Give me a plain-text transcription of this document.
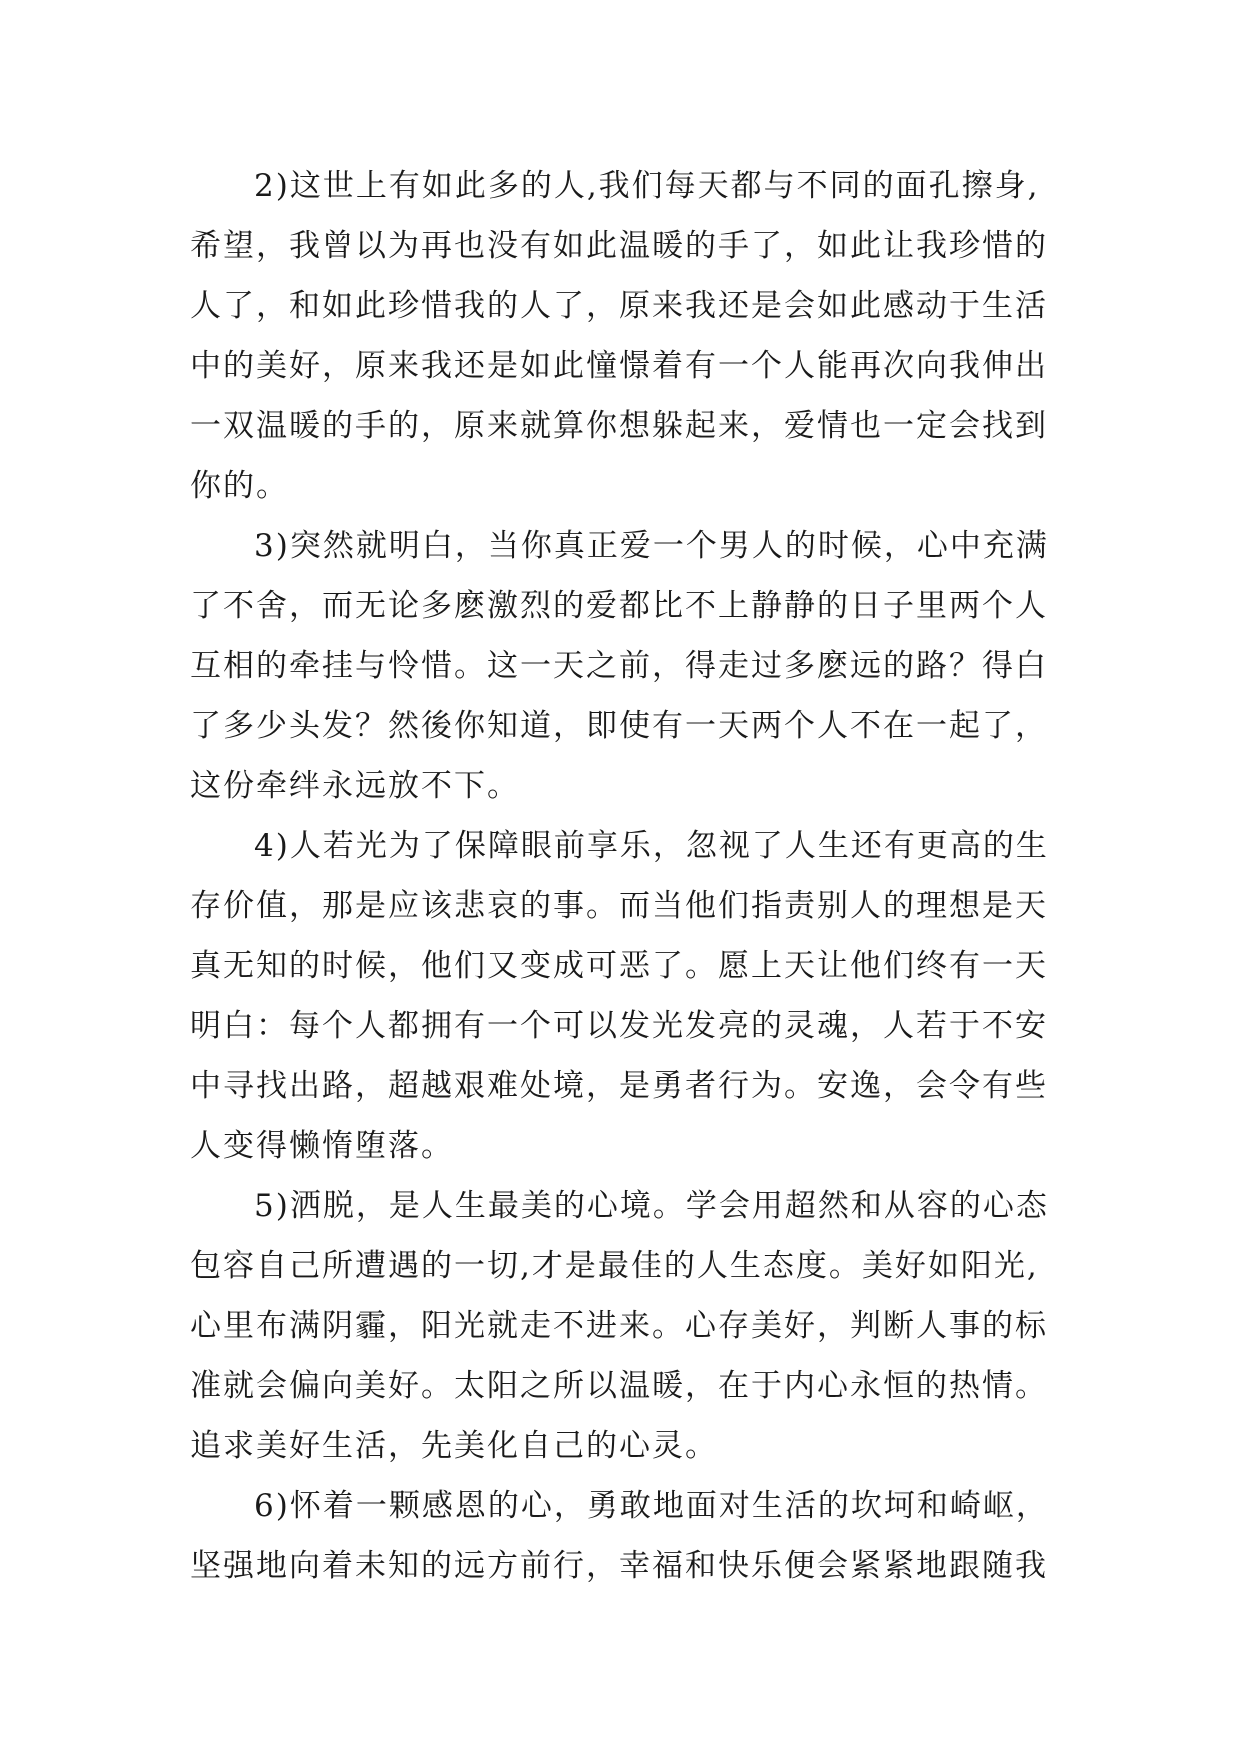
2)这世上有如此多的人,我们每天都与不同的面孔擦身,
希望，我曾以为再也没有如此温暖的手了，如此让我珍惜的
人了，和如此珍惜我的人了，原来我还是会如此感动于生活
中的美好，原来我还是如此憧憬着有一个人能再次向我伸出
一双温暖的手的，原来就算你想躲起来，爱情也一定会找到
你的。

3)突然就明白，当你真正爱一个男人的时候，心中充满
了不舍，而无论多麽激烈的爱都比不上静静的日子里两个人
互相的牵挂与怜惜。这一天之前，得走过多麽远的路？得白
了多少头发？然後你知道，即使有一天两个人不在一起了，
这份牵绊永远放不下。

4)人若光为了保障眼前享乐，忽视了人生还有更高的生
存价值，那是应该悲哀的事。而当他们指责别人的理想是天
真无知的时候，他们又变成可恶了。愿上天让他们终有一天
明白：每个人都拥有一个可以发光发亮的灵魂，人若于不安
中寻找出路，超越艰难处境，是勇者行为。安逸，会令有些
人变得懒惰堕落。

5)洒脱，是人生最美的心境。学会用超然和从容的心态
包容自己所遭遇的一切,才是最佳的人生态度。美好如阳光,
心里布满阴霾，阳光就走不进来。心存美好，判断人事的标
准就会偏向美好。太阳之所以温暖，在于内心永恒的热情。
追求美好生活，先美化自己的心灵。

6)怀着一颗感恩的心，勇敢地面对生活的坎坷和崎岖，
坚强地向着未知的远方前行，幸福和快乐便会紧紧地跟随我
